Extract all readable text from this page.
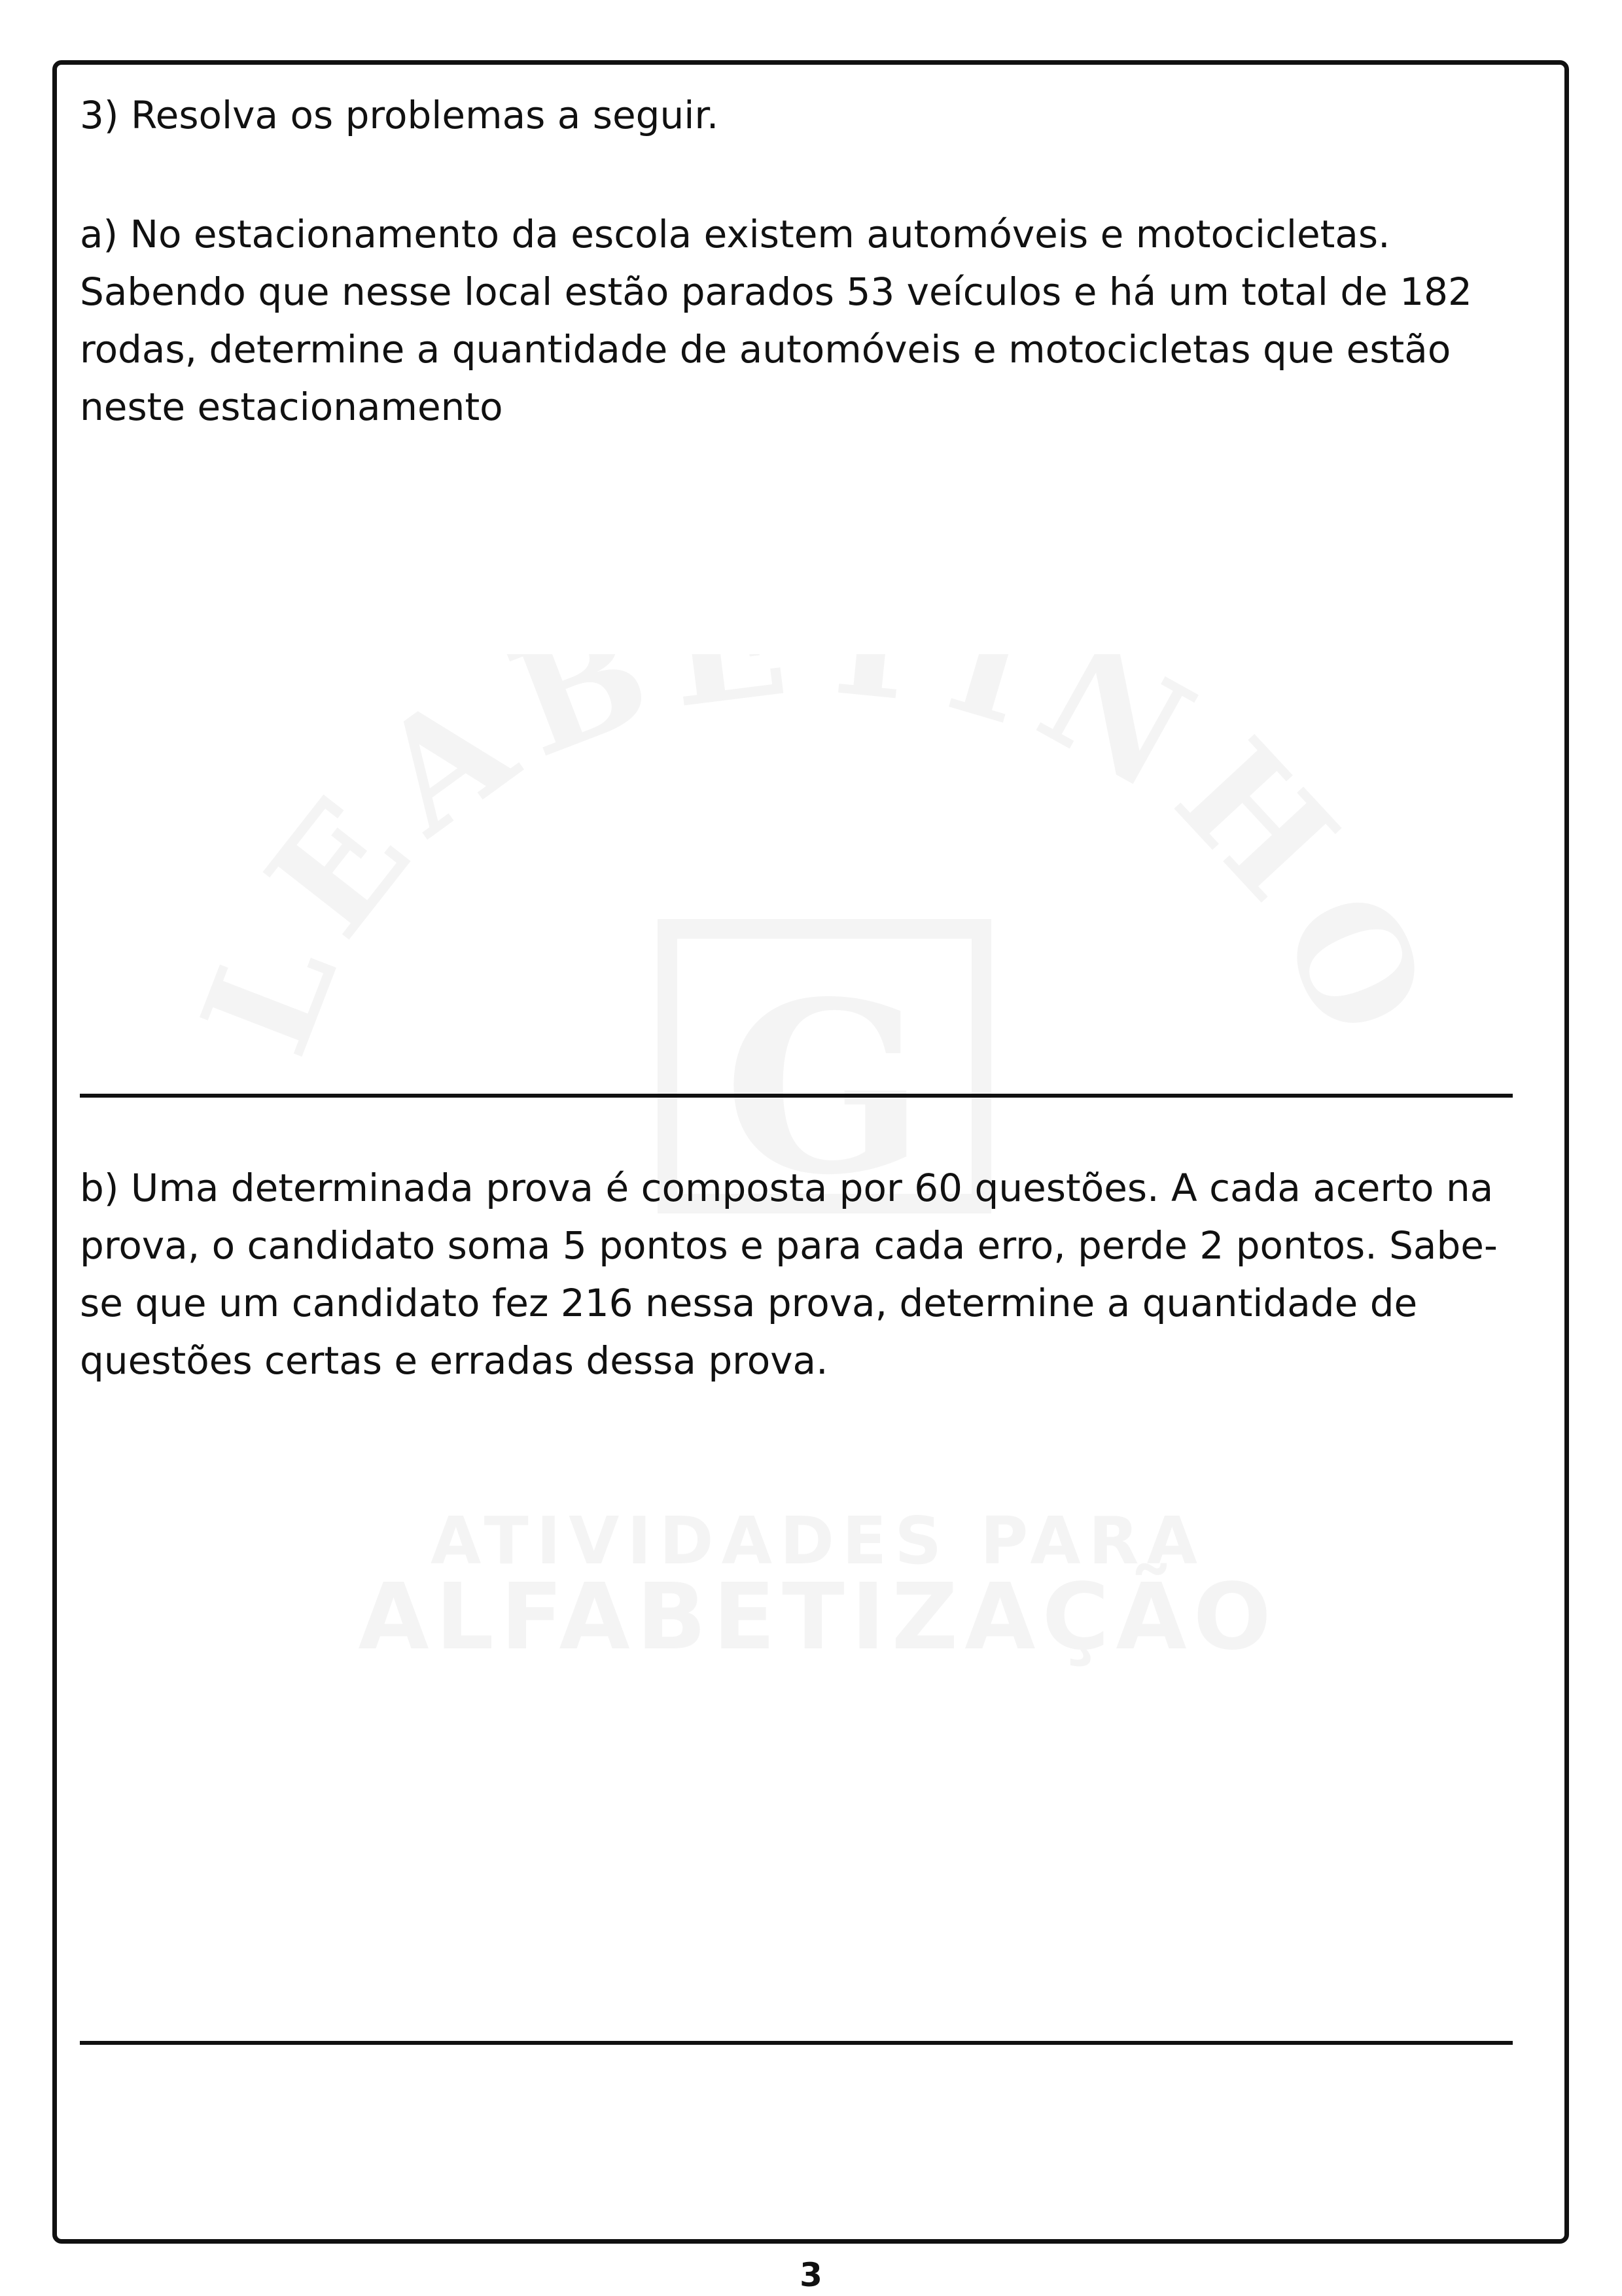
3) Resolva os problemas a seguir.

a) No estacionamento da escola existem automóveis e motocicletas.
Sabendo que nesse local estão parados 53 veículos e há um total de 182
rodas, determine a quantidade de automóveis e motocicletas que estão
neste estacionamento

b) Uma determinada prova é composta por 60 questões. A cada acerto na
prova, o candidato soma 5 pontos e para cada erro, perde 2 pontos. Sabe-
se que um candidato fez 216 nessa prova, determine a quantidade de
questões certas e erradas dessa prova.

3
